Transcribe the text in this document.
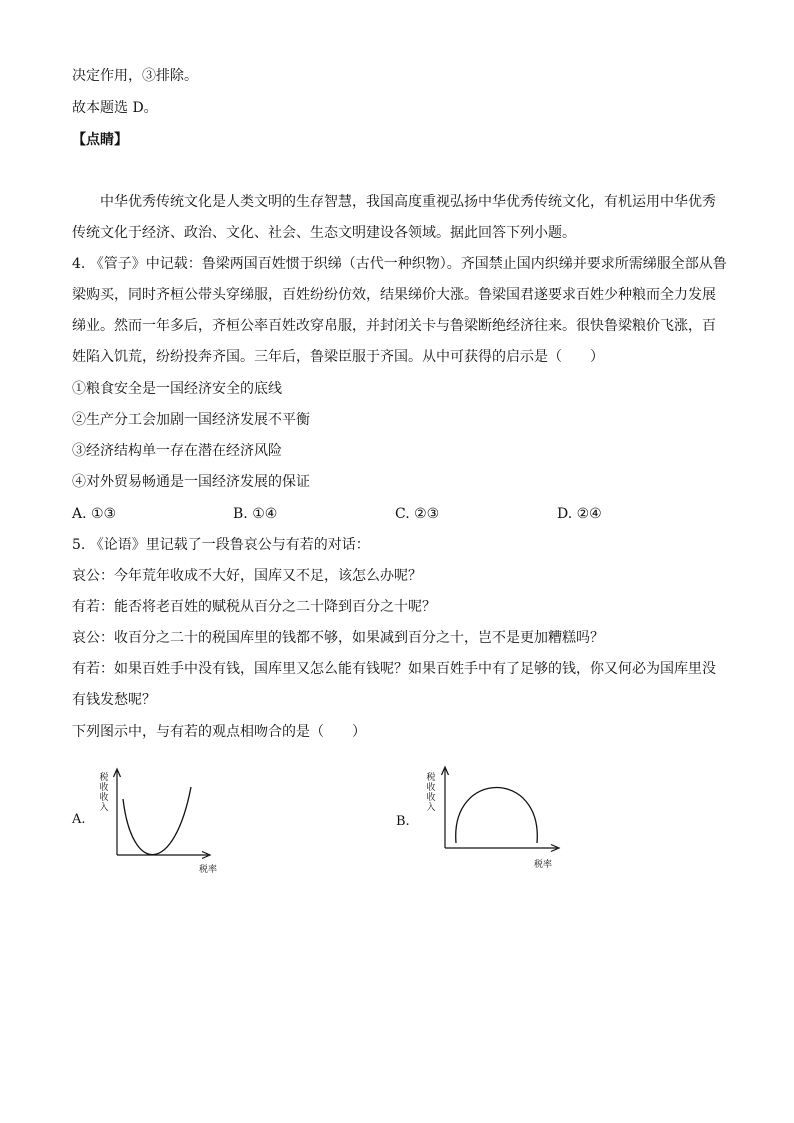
决定作用，③排除。
故本题选 D。
【点睛】
中华优秀传统文化是人类文明的生存智慧，我国高度重视弘扬中华优秀传统文化，有机运用中华优秀
传统文化于经济、政治、文化、社会、生态文明建设各领域。据此回答下列小题。
4. 《管子》中记载：鲁梁两国百姓惯于织绨（古代一种织物）。齐国禁止国内织绨并要求所需绨服全部从鲁
梁购买，同时齐桓公带头穿绨服，百姓纷纷仿效，结果绨价大涨。鲁梁国君遂要求百姓少种粮而全力发展
绨业。然而一年多后，齐桓公率百姓改穿帛服，并封闭关卡与鲁梁断绝经济往来。很快鲁梁粮价飞涨，百
姓陷入饥荒，纷纷投奔齐国。三年后，鲁梁臣服于齐国。从中可获得的启示是（　　）
①粮食安全是一国经济安全的底线
②生产分工会加剧一国经济发展不平衡
③经济结构单一存在潜在经济风险
④对外贸易畅通是一国经济发展的保证
A. ①③	B. ①④	C. ②③	D. ②④
5. 《论语》里记载了一段鲁哀公与有若的对话：
哀公：今年荒年收成不大好，国库又不足，该怎么办呢？
有若：能否将老百姓的赋税从百分之二十降到百分之十呢？
哀公：收百分之二十的税国库里的钱都不够，如果减到百分之十，岂不是更加糟糕吗？
有若：如果百姓手中没有钱，国库里又怎么能有钱呢？如果百姓手中有了足够的钱，你又何必为国库里没
有钱发愁呢？
下列图示中，与有若的观点相吻合的是（　　）
A.
税
收
收
入
税率
B.
税
收
收
入
税率
